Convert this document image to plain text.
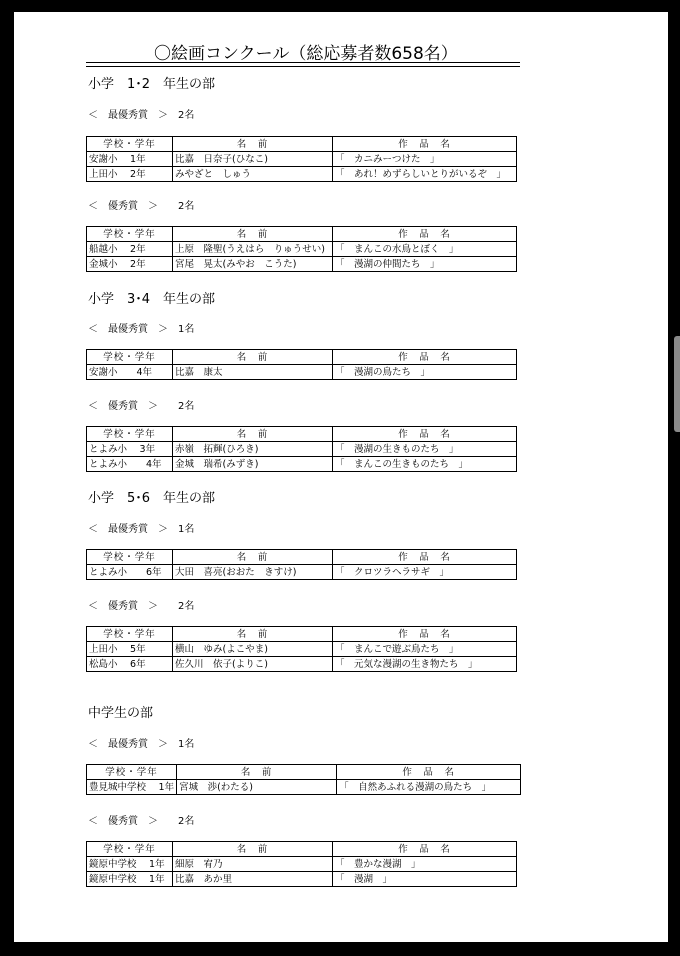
〇絵画コンクール（総応募者数658名）
小学　1･2　年生の部
＜　最優秀賞　＞ 2名
学校・学年	名　前	作　品　名
安謝小　 1年	比嘉　日奈子(ひなこ)	「　カニみーつけた　」
上田小　 2年	みやざと　しゅう	「　あれ！めずらしいとりがいるぞ　」
＜　優秀賞　＞ 2名
学校・学年	名　前	作　品　名
船越小　 2年	上原　隆聖(うえはら　りゅうせい)	「　まんこの水鳥とぼく　」
金城小　 2年	宮尾　晃太(みやお　こうた)	「　漫湖の仲間たち　」
小学　3･4　年生の部
＜　最優秀賞　＞ 1名
学校・学年	名　前	作　品　名
安謝小　　4年	比嘉　康太	「　漫湖の鳥たち　」
＜　優秀賞　＞ 2名
学校・学年	名　前	作　品　名
とよみ小　 3年	赤嶺　拓輝(ひろき)	「　漫湖の生きものたち　」
とよみ小　　4年	金城　瑞希(みずき)	「　まんこの生きものたち　」
小学　5･6　年生の部
＜　最優秀賞　＞ 1名
学校・学年	名　前	作　品　名
とよみ小　　6年	大田　喜亮(おおた　きすけ)	「　クロツラヘラサギ　」
＜　優秀賞　＞ 2名
学校・学年	名　前	作　品　名
上田小　 5年	横山　ゆみ(よこやま)	「　まんこで遊ぶ鳥たち　」
松島小　 6年	佐久川　依子(よりこ)	「　元気な漫湖の生き物たち　」
中学生の部
＜　最優秀賞　＞ 1名
学校・学年	名　前	作　品　名
豊見城中学校　 1年	宮城　渉(わたる)	「　自然あふれる漫湖の鳥たち　」
＜　優秀賞　＞ 2名
学校・学年	名　前	作　品　名
鏡原中学校　 1年	細原　宥乃	「　豊かな漫湖　」
鏡原中学校　 1年	比嘉　あか里	「　漫湖　」
